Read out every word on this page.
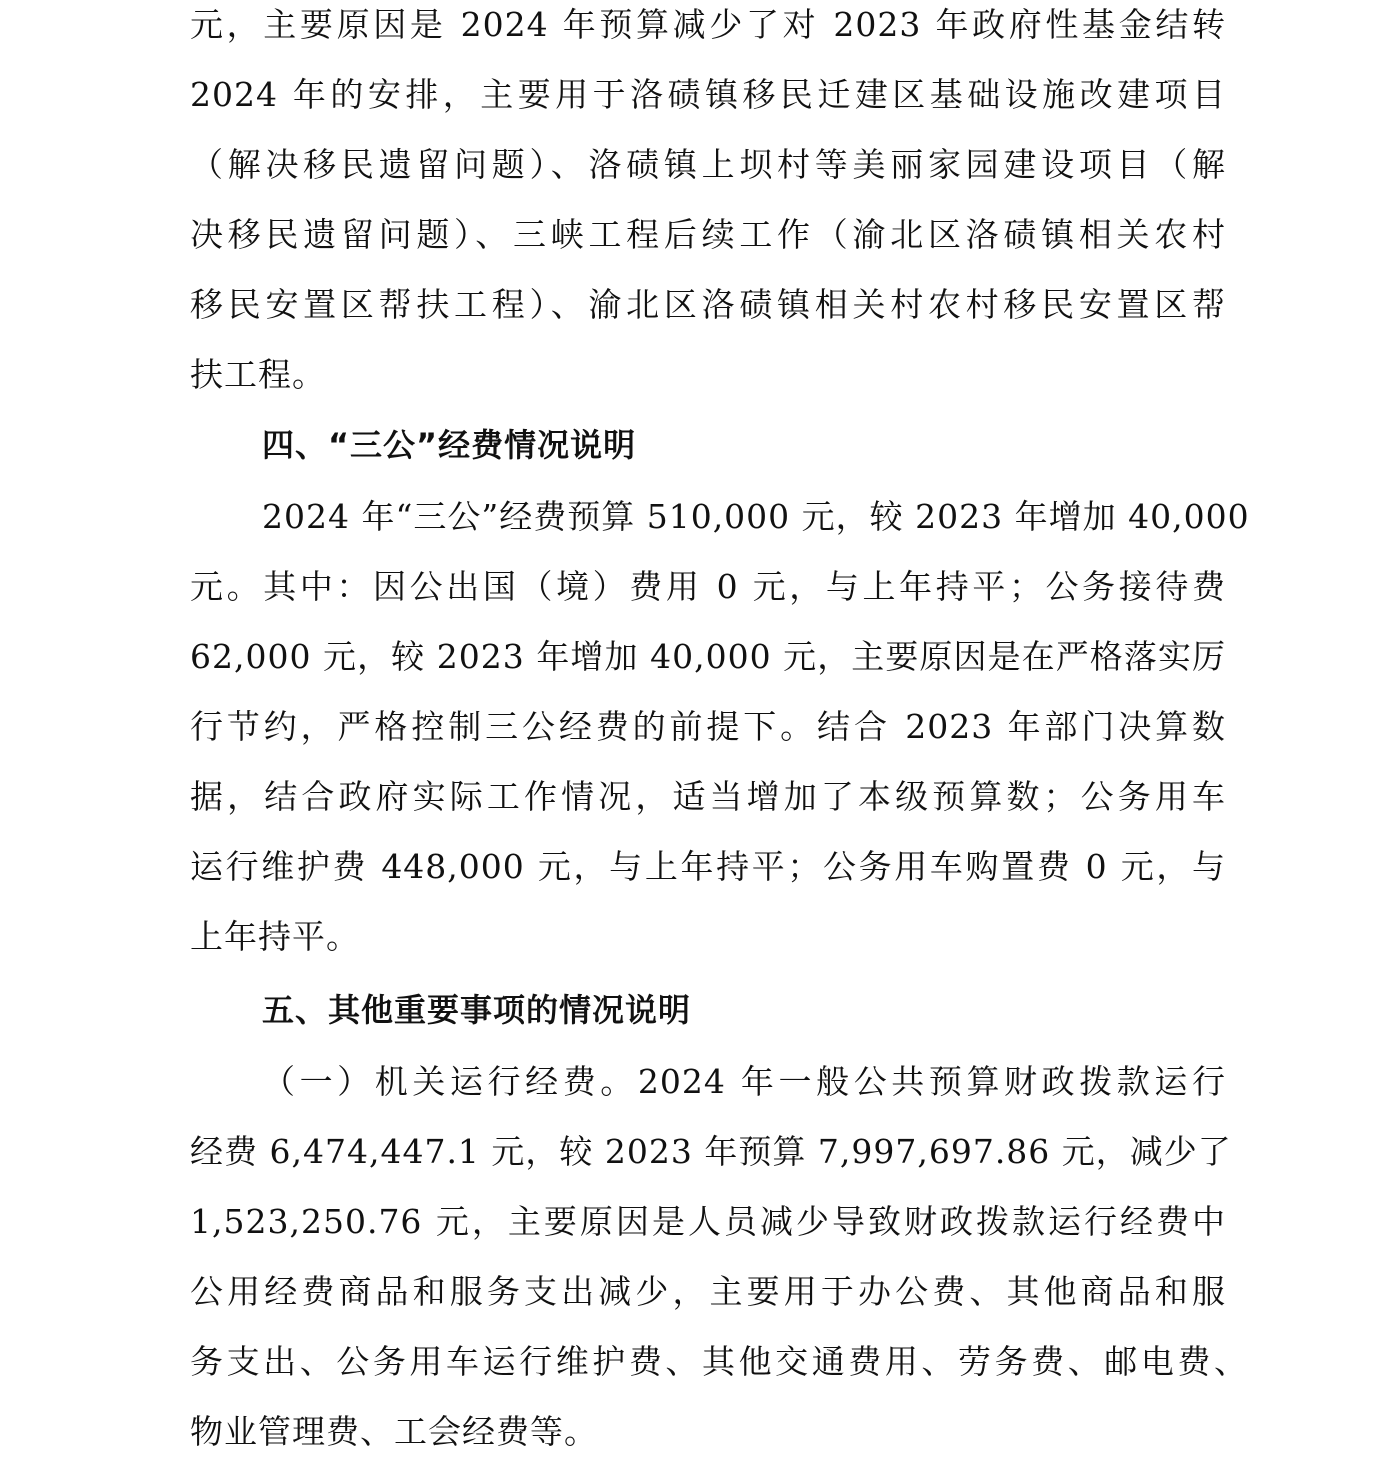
元，主要原因是 2024 年预算减少了对 2023 年政府性基金结转
2024 年的安排，主要用于洛碛镇移民迁建区基础设施改建项目
（解决移民遗留问题）、洛碛镇上坝村等美丽家园建设项目（解
决移民遗留问题）、三峡工程后续工作（渝北区洛碛镇相关农村
移民安置区帮扶工程）、渝北区洛碛镇相关村农村移民安置区帮
扶工程。
四、“三公”经费情况说明
2024 年“三公”经费预算 510,000 元，较 2023 年增加 40,000
元。其中：因公出国（境）费用 0 元，与上年持平；公务接待费
62,000 元，较 2023 年增加 40,000 元，主要原因是在严格落实厉
行节约，严格控制三公经费的前提下。结合 2023 年部门决算数
据，结合政府实际工作情况，适当增加了本级预算数；公务用车
运行维护费 448,000 元，与上年持平；公务用车购置费 0 元，与
上年持平。
五、其他重要事项的情况说明
（一）机关运行经费。2024 年一般公共预算财政拨款运行
经费 6,474,447.1 元，较 2023 年预算 7,997,697.86 元，减少了
1,523,250.76 元，主要原因是人员减少导致财政拨款运行经费中
公用经费商品和服务支出减少，主要用于办公费、其他商品和服
务支出、公务用车运行维护费、其他交通费用、劳务费、邮电费、
物业管理费、工会经费等。
